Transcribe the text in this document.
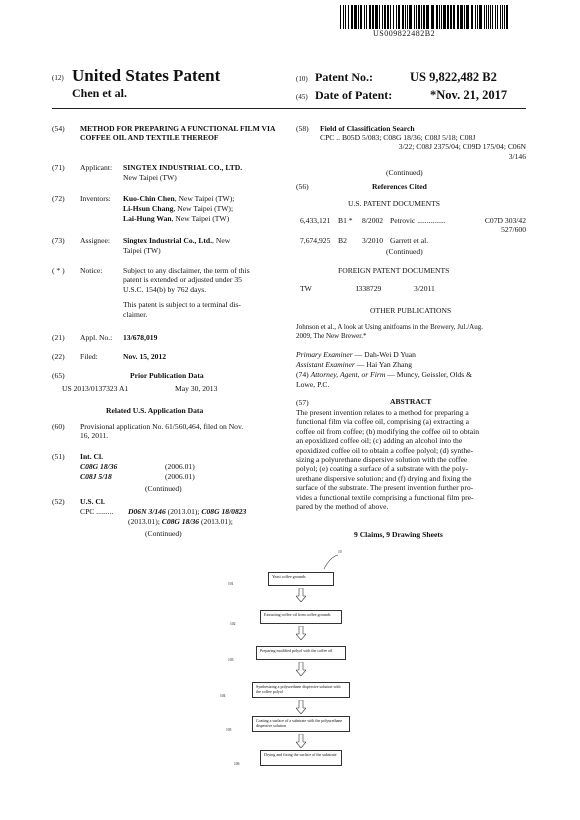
US009822482B2
(12) United States Patent
Chen et al.
(10) Patent No.:	US 9,822,482 B2
(45) Date of Patent:	*Nov. 21, 2017
(54) METHOD FOR PREPARING A FUNCTIONAL FILM VIA COFFEE OIL AND TEXTILE THEREOF
(71) Applicant: SINGTEX INDUSTRIAL CO., LTD.
New Taipei (TW)
(72) Inventors: Kuo-Chin Chen, New Taipei (TW);
Li-Hsun Chang, New Taipei (TW);
Lai-Hung Wan, New Taipei (TW)
(73) Assignee: Singtex Industrial Co., Ltd., New
Taipei (TW)
( * ) Notice:	Subject to any disclaimer, the term of this
patent is extended or adjusted under 35
U.S.C. 154(b) by 762 days.
This patent is subject to a terminal dis-
claimer.
(21) Appl. No.: 13/678,019
(22) Filed:	Nov. 15, 2012
(65)	Prior Publication Data
US 2013/0137323 A1	May 30, 2013
Related U.S. Application Data
(60) Provisional application No. 61/560,464, filed on Nov.
16, 2011.
(51) Int. Cl.
C08G 18/36	(2006.01)
C08J 5/18	(2006.01)
(Continued)
(52) U.S. Cl.
CPC ......... D06N 3/146 (2013.01); C08G 18/0823
(2013.01); C08G 18/36 (2013.01);
(Continued)
(58) Field of Classification Search
CPC .. B05D 5/083; C08G 18/36; C08J 5/18; C08J
3/22; C08J 2375/04; C09D 175/04; C06N
3/146
(Continued)
(56)	References Cited
U.S. PATENT DOCUMENTS
6,433,121 B1 * 8/2002 Petrovic ...............	C07D 303/42
527/600
7,674,925 B2 3/2010 Garrett et al.
(Continued)
FOREIGN PATENT DOCUMENTS
TW	I338729	3/2011
OTHER PUBLICATIONS
Johnson et al., A look at Using anitfoams in the Brewery, Jul./Aug.
2009, The New Brewer.*
Primary Examiner — Dah-Wei D Yuan
Assistant Examiner — Hai Yan Zhang
(74) Attorney, Agent, or Firm — Muncy, Geissler, Olds &
Lowe, P.C.
(57)	ABSTRACT
The present invention relates to a method for preparing a
functional film via coffee oil, comprising (a) extracting a
coffee oil from coffee; (b) modifying the coffee oil to obtain
an epoxidized coffee oil; (c) adding an alcohol into the
epoxidized coffee oil to obtain a coffee polyol; (d) synthe-
sizing a polyurethane dispersive solution with the coffee
polyol; (e) coating a surface of a substrate with the poly-
urethane dispersive solution; and (f) drying and fixing the
surface of the substrate. The present invention further pro-
vides a functional textile comprising a functional film pre-
pared by the method of above.
9 Claims, 9 Drawing Sheets
10
101
Yeast coffee grounds
102
Extracting coffee oil from coffee grounds
103
Preparing modified polyol with the coffee oil
104
Synthesizing a polyurethane dispersive solution with the coffee polyol
105
Coating a surface of a substrate with the polyurethane dispersive solution
106
Drying and fixing the surface of the substrate
